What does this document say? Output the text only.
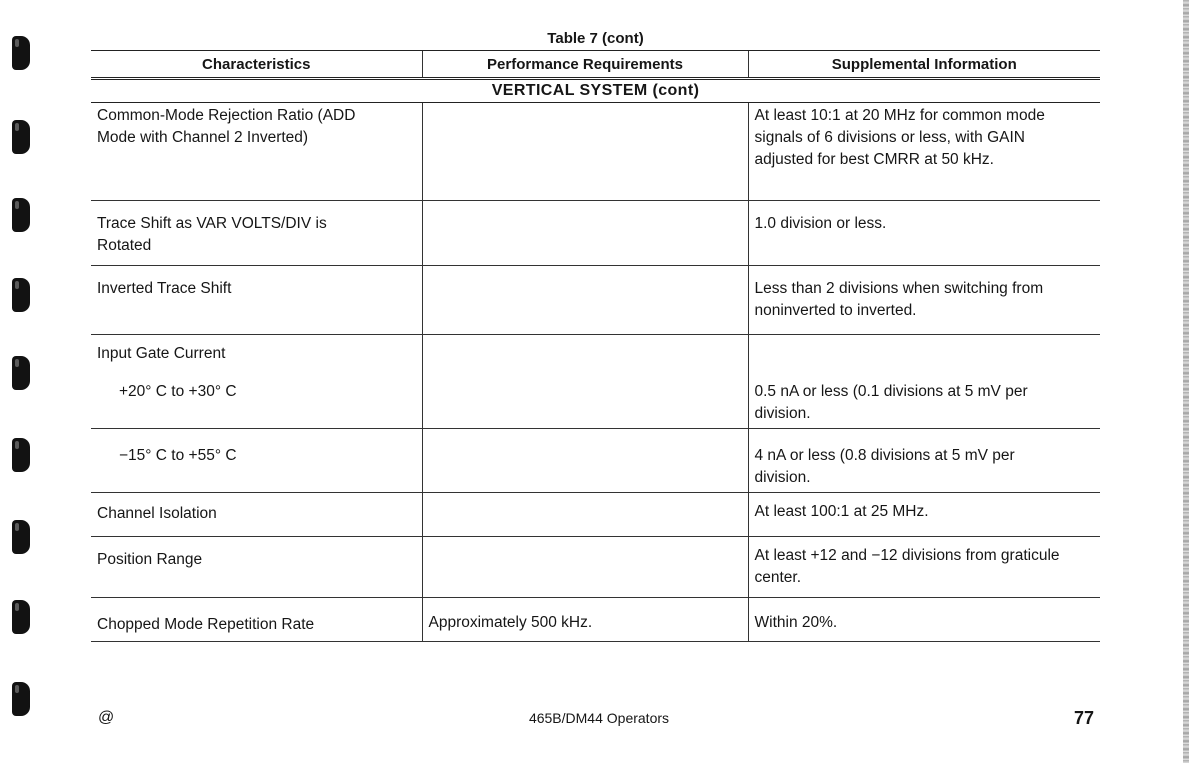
Table 7 (cont)
Characteristics	Performance Requirements	Supplemental Information
VERTICAL SYSTEM (cont)		
Common-Mode Rejection Ratio (ADD Mode with Channel 2 Inverted)		At least 10:1 at 20 MHz for common mode signals of 6 divisions or less, with GAIN adjusted for best CMRR at 50 kHz.
Trace Shift as VAR VOLTS/DIV is Rotated		1.0 division or less.
Inverted Trace Shift		Less than 2 divisions when switching from noninverted to inverted.
Input Gate Current		
+20° C to +30° C		0.5 nA or less (0.1 divisions at 5 mV per division.
−15° C to +55° C		4 nA or less (0.8 divisions at 5 mV per division.
Channel Isolation		At least 100:1 at 25 MHz.
Position Range		At least +12 and −12 divisions from graticule center.
Chopped Mode Repetition Rate	Approximately 500 kHz.	Within 20%.
@	465B/DM44 Operators	77
